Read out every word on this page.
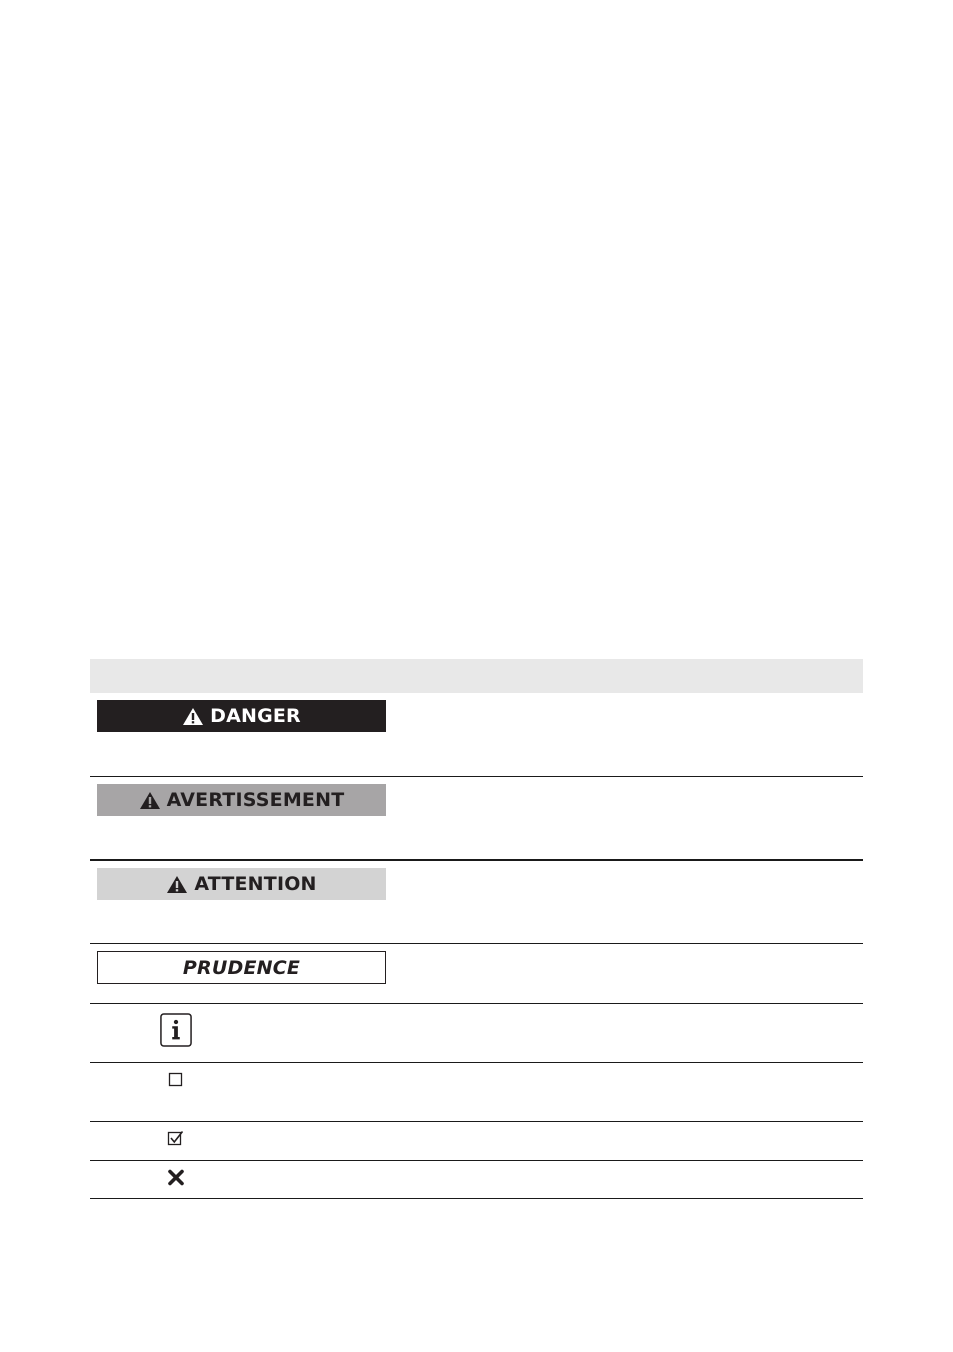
DANGER
AVERTISSEMENT
ATTENTION
PRUDENCE
